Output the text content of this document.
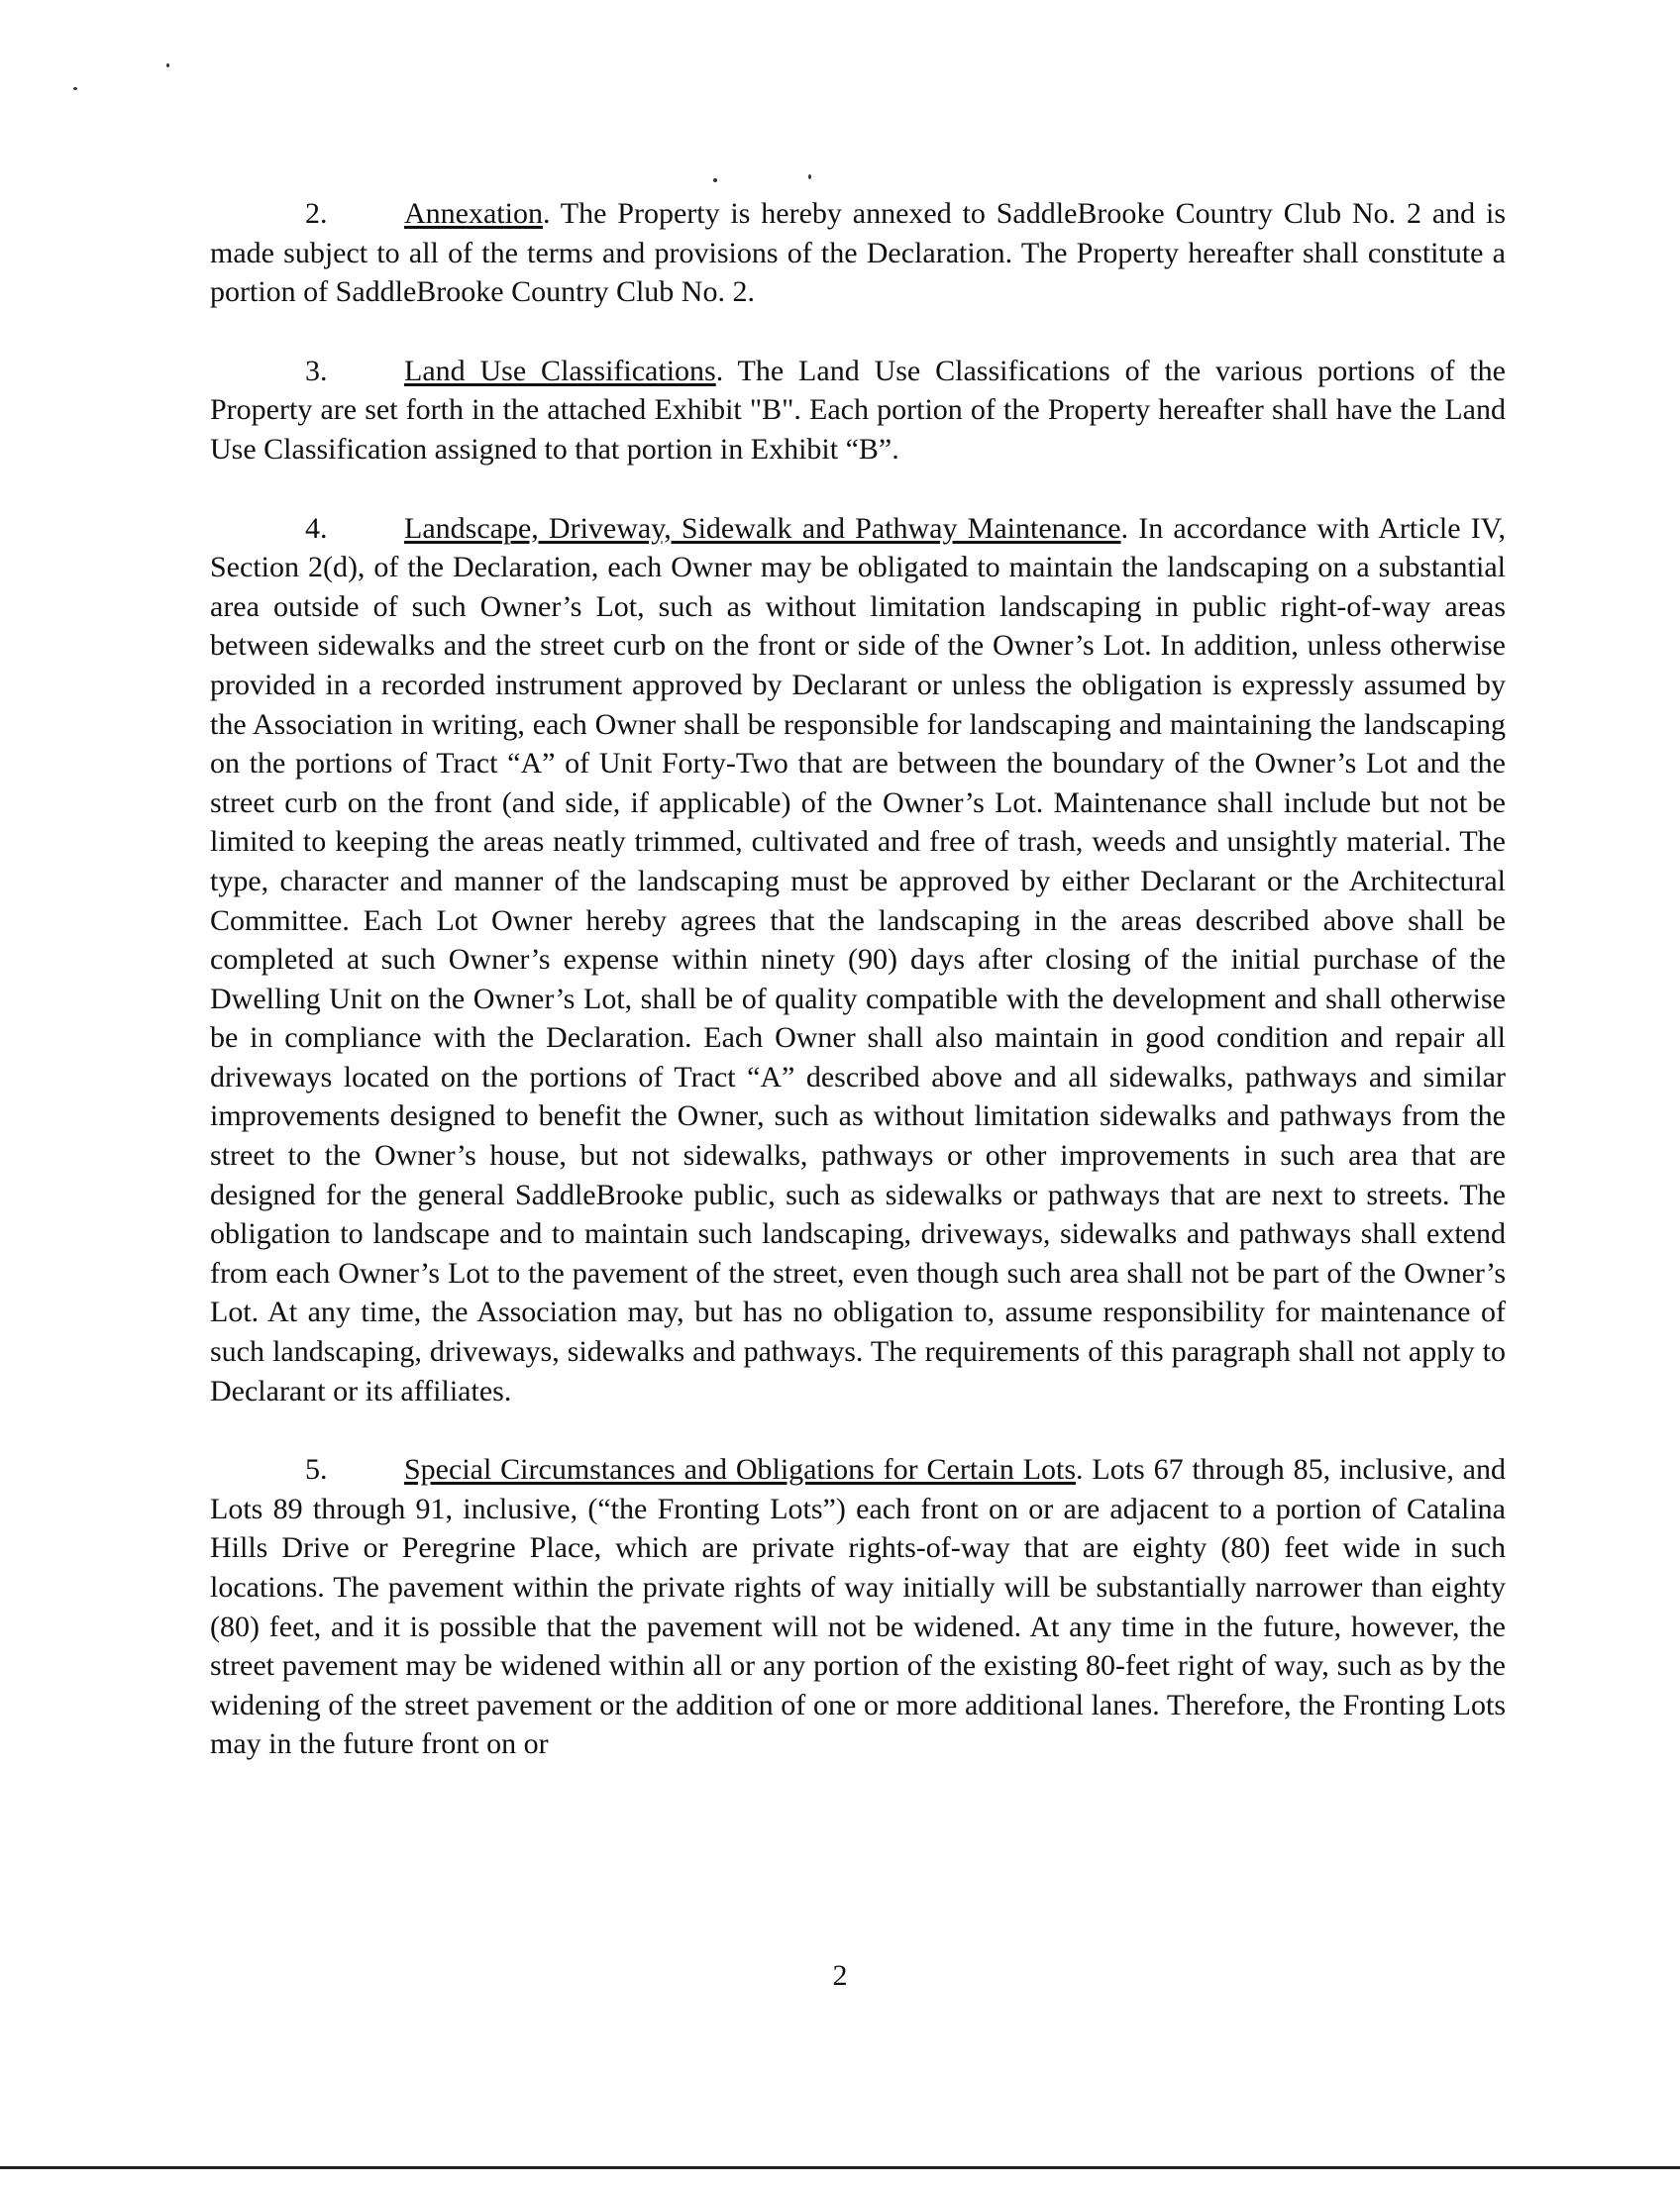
2.	Annexation. The Property is hereby annexed to SaddleBrooke Country Club No. 2 and is made subject to all of the terms and provisions of the Declaration. The Property hereafter shall constitute a portion of SaddleBrooke Country Club No. 2.

3.	Land Use Classifications. The Land Use Classifications of the various portions of the Property are set forth in the attached Exhibit "B". Each portion of the Property hereafter shall have the Land Use Classification assigned to that portion in Exhibit “B”.

4.	Landscape, Driveway, Sidewalk and Pathway Maintenance. In accordance with Article IV, Section 2(d), of the Declaration, each Owner may be obligated to maintain the landscaping on a substantial area outside of such Owner’s Lot, such as without limitation landscaping in public right-of-way areas between sidewalks and the street curb on the front or side of the Owner’s Lot. In addition, unless otherwise provided in a recorded instrument approved by Declarant or unless the obligation is expressly assumed by the Association in writing, each Owner shall be responsible for landscaping and maintaining the landscaping on the portions of Tract “A” of Unit Forty-Two that are between the boundary of the Owner’s Lot and the street curb on the front (and side, if applicable) of the Owner’s Lot. Maintenance shall include but not be limited to keeping the areas neatly trimmed, cultivated and free of trash, weeds and unsightly material. The type, character and manner of the landscaping must be approved by either Declarant or the Architectural Committee. Each Lot Owner hereby agrees that the landscaping in the areas described above shall be completed at such Owner’s expense within ninety (90) days after closing of the initial purchase of the Dwelling Unit on the Owner’s Lot, shall be of quality compatible with the development and shall otherwise be in compliance with the Declaration. Each Owner shall also maintain in good condition and repair all driveways located on the portions of Tract “A” described above and all sidewalks, pathways and similar improvements designed to benefit the Owner, such as without limitation sidewalks and pathways from the street to the Owner’s house, but not sidewalks, pathways or other improvements in such area that are designed for the general SaddleBrooke public, such as sidewalks or pathways that are next to streets. The obligation to landscape and to maintain such landscaping, driveways, sidewalks and pathways shall extend from each Owner’s Lot to the pavement of the street, even though such area shall not be part of the Owner’s Lot. At any time, the Association may, but has no obligation to, assume responsibility for maintenance of such landscaping, driveways, sidewalks and pathways. The requirements of this paragraph shall not apply to Declarant or its affiliates.

5.	Special Circumstances and Obligations for Certain Lots. Lots 67 through 85, inclusive, and Lots 89 through 91, inclusive, (“the Fronting Lots”) each front on or are adjacent to a portion of Catalina Hills Drive or Peregrine Place, which are private rights-of-way that are eighty (80) feet wide in such locations. The pavement within the private rights of way initially will be substantially narrower than eighty (80) feet, and it is possible that the pavement will not be widened. At any time in the future, however, the street pavement may be widened within all or any portion of the existing 80-feet right of way, such as by the widening of the street pavement or the addition of one or more additional lanes. Therefore, the Fronting Lots may in the future front on or

2
